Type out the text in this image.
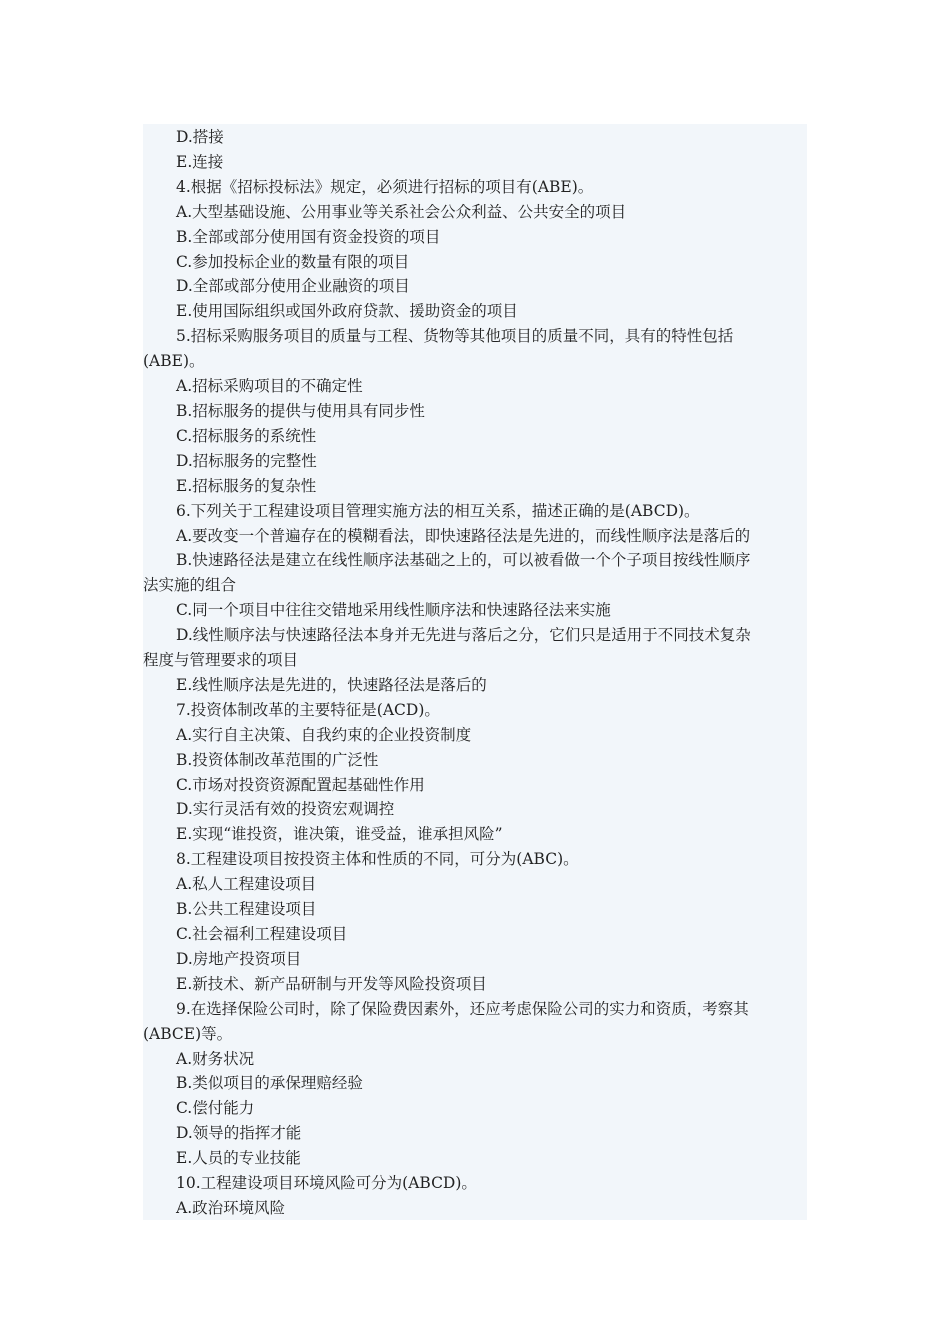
D.搭接

E.连接

4.根据《招标投标法》规定，必须进行招标的项目有(ABE)。

A.大型基础设施、公用事业等关系社会公众利益、公共安全的项目

B.全部或部分使用国有资金投资的项目

C.参加投标企业的数量有限的项目

D.全部或部分使用企业融资的项目

E.使用国际组织或国外政府贷款、援助资金的项目

5.招标采购服务项目的质量与工程、货物等其他项目的质量不同，具有的特性包括

(ABE)。

A.招标采购项目的不确定性

B.招标服务的提供与使用具有同步性

C.招标服务的系统性

D.招标服务的完整性

E.招标服务的复杂性

6.下列关于工程建设项目管理实施方法的相互关系，描述正确的是(ABCD)。

A.要改变一个普遍存在的模糊看法，即快速路径法是先进的，而线性顺序法是落后的

B.快速路径法是建立在线性顺序法基础之上的，可以被看做一个个子项目按线性顺序

法实施的组合

C.同一个项目中往往交错地采用线性顺序法和快速路径法来实施

D.线性顺序法与快速路径法本身并无先进与落后之分，它们只是适用于不同技术复杂

程度与管理要求的项目

E.线性顺序法是先进的，快速路径法是落后的

7.投资体制改革的主要特征是(ACD)。

A.实行自主决策、自我约束的企业投资制度

B.投资体制改革范围的广泛性

C.市场对投资资源配置起基础性作用

D.实行灵活有效的投资宏观调控

E.实现“谁投资，谁决策，谁受益，谁承担风险”

8.工程建设项目按投资主体和性质的不同，可分为(ABC)。

A.私人工程建设项目

B.公共工程建设项目

C.社会福利工程建设项目

D.房地产投资项目

E.新技术、新产品研制与开发等风险投资项目

9.在选择保险公司时，除了保险费因素外，还应考虑保险公司的实力和资质，考察其

(ABCE)等。

A.财务状况

B.类似项目的承保理赔经验

C.偿付能力

D.领导的指挥才能

E.人员的专业技能

10.工程建设项目环境风险可分为(ABCD)。

A.政治环境风险
